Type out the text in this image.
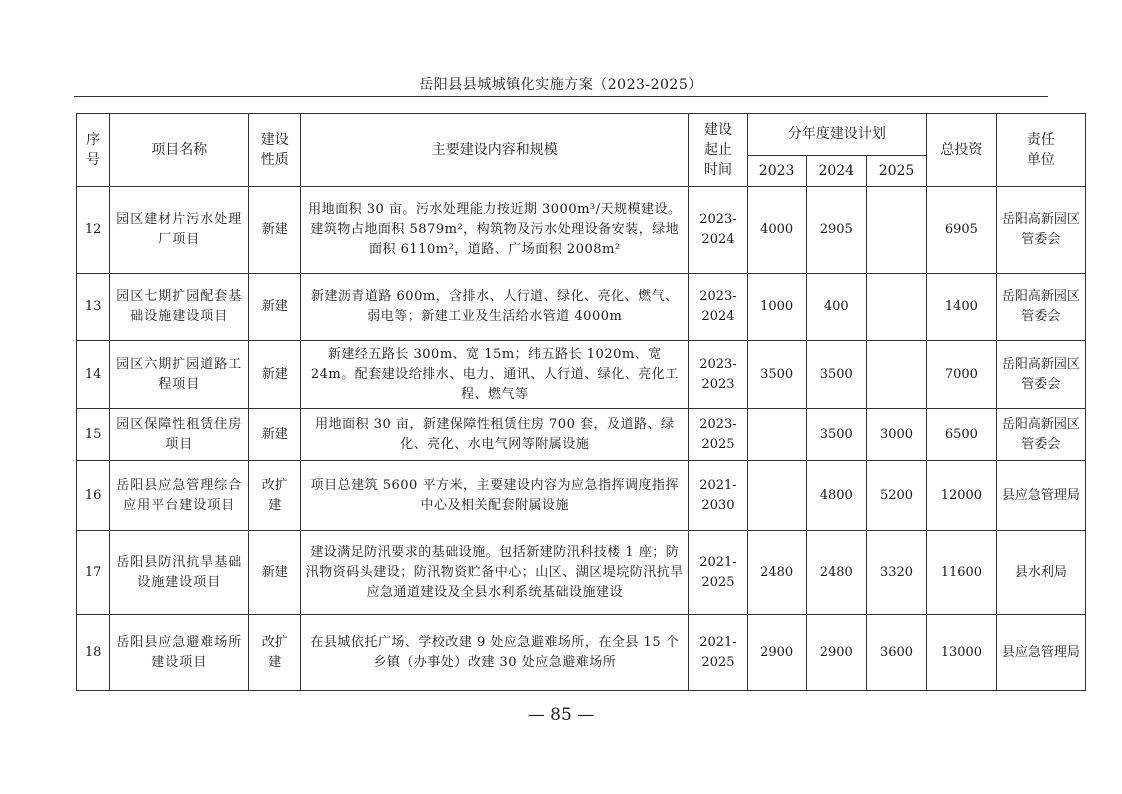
岳阳县县城城镇化实施方案（2023-2025）
序号	项目名称	建设性质	主要建设内容和规模	建设起止时间	分年度建设计划			总投资	责任单位
					2023	2024	2025		
12	园区建材片污水处理厂项目	新建	用地面积 30 亩。污水处理能力按近期 3000m³/天规模建设。建筑物占地面积 5879m²，构筑物及污水处理设备安装，绿地面积 6110m²，道路、广场面积 2008m²	2023-2024	4000	2905		6905	岳阳高新园区管委会
13	园区七期扩园配套基础设施建设项目	新建	新建沥青道路 600m，含排水、人行道、绿化、亮化、燃气、弱电等；新建工业及生活给水管道 4000m	2023-2024	1000	400		1400	岳阳高新园区管委会
14	园区六期扩园道路工程项目	新建	新建经五路长 300m、宽 15m；纬五路长 1020m、宽 24m。配套建设给排水、电力、通讯、人行道、绿化、亮化工程、燃气等	2023-2023	3500	3500		7000	岳阳高新园区管委会
15	园区保障性租赁住房项目	新建	用地面积 30 亩，新建保障性租赁住房 700 套，及道路、绿化、亮化、水电气网等附属设施	2023-2025		3500	3000	6500	岳阳高新园区管委会
16	岳阳县应急管理综合应用平台建设项目	改扩建	项目总建筑 5600 平方米，主要建设内容为应急指挥调度指挥中心及相关配套附属设施	2021-2030		4800	5200	12000	县应急管理局
17	岳阳县防汛抗旱基础设施建设项目	新建	建设满足防汛要求的基础设施。包括新建防汛科技楼 1 座；防汛物资码头建设；防汛物资贮备中心；山区、湖区堤垸防汛抗旱应急通道建设及全县水利系统基础设施建设	2021-2025	2480	2480	3320	11600	县水利局
18	岳阳县应急避难场所建设项目	改扩建	在县城依托广场、学校改建 9 处应急避难场所，在全县 15 个乡镇（办事处）改建 30 处应急避难场所	2021-2025	2900	2900	3600	13000	县应急管理局
— 85 —
